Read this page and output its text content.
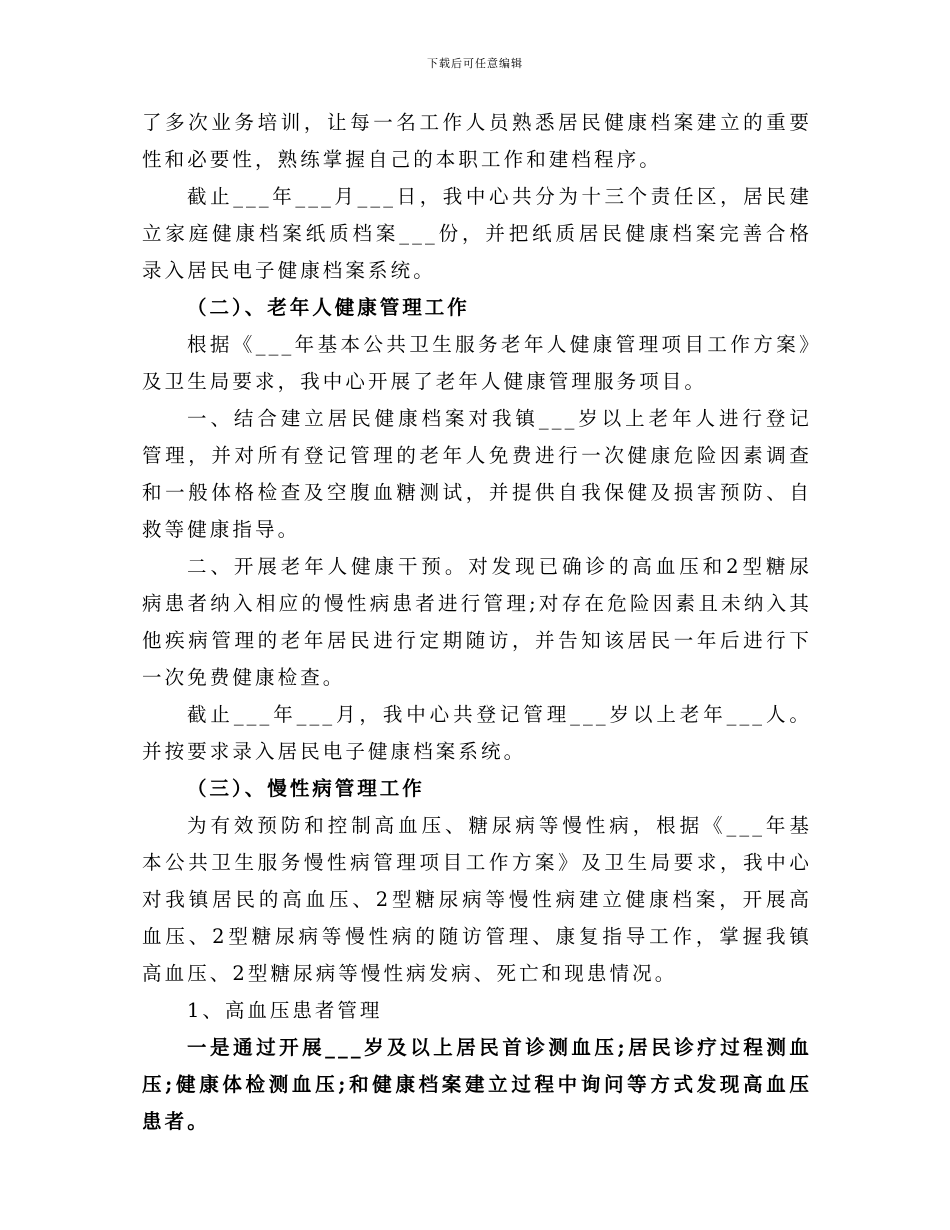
下载后可任意编辑

了多次业务培训，让每一名工作人员熟悉居民健康档案建立的重要性和必要性，熟练掌握自己的本职工作和建档程序。

截止___年___月___日，我中心共分为十三个责任区，居民建立家庭健康档案纸质档案___份，并把纸质居民健康档案完善合格录入居民电子健康档案系统。

（二）、老年人健康管理工作

根据《___年基本公共卫生服务老年人健康管理项目工作方案》及卫生局要求，我中心开展了老年人健康管理服务项目。

一、结合建立居民健康档案对我镇___岁以上老年人进行登记管理，并对所有登记管理的老年人免费进行一次健康危险因素调查和一般体格检查及空腹血糖测试，并提供自我保健及损害预防、自救等健康指导。

二、开展老年人健康干预。对发现已确诊的高血压和2型糖尿病患者纳入相应的慢性病患者进行管理;对存在危险因素且未纳入其他疾病管理的老年居民进行定期随访，并告知该居民一年后进行下一次免费健康检查。

截止___年___月，我中心共登记管理___岁以上老年___人。并按要求录入居民电子健康档案系统。

（三）、慢性病管理工作

为有效预防和控制高血压、糖尿病等慢性病，根据《___年基本公共卫生服务慢性病管理项目工作方案》及卫生局要求，我中心对我镇居民的高血压、2型糖尿病等慢性病建立健康档案，开展高血压、2型糖尿病等慢性病的随访管理、康复指导工作，掌握我镇高血压、2型糖尿病等慢性病发病、死亡和现患情况。

1、高血压患者管理

一是通过开展___岁及以上居民首诊测血压;居民诊疗过程测血压;健康体检测血压;和健康档案建立过程中询问等方式发现高血压患者。
